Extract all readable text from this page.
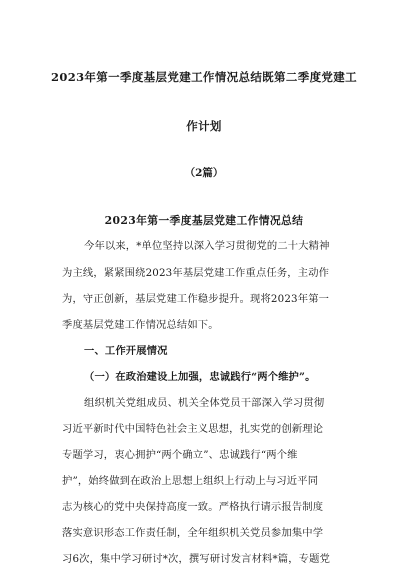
2023年第一季度基层党建工作情况总结既第二季度党建工
作计划
（2篇）
2023年第一季度基层党建工作情况总结
今年以来，*单位坚持以深入学习贯彻党的二十大精神
为主线，紧紧围绕2023年基层党建工作重点任务，主动作
为，守正创新，基层党建工作稳步提升。现将2023年第一
季度基层党建工作情况总结如下。
一、工作开展情况
（一）在政治建设上加强，忠诚践行“两个维护”。
组织机关党组成员、机关全体党员干部深入学习贯彻
习近平新时代中国特色社会主义思想，扎实党的创新理论
专题学习，衷心拥护“两个确立”、忠诚践行“两个维
护”，始终做到在政治上思想上组织上行动上与习近平同
志为核心的党中央保持高度一致。严格执行请示报告制度
落实意识形态工作责任制，全年组织机关党员参加集中学
习6次，集中学习研讨*次，撰写研讨发言材料*篇，专题党
